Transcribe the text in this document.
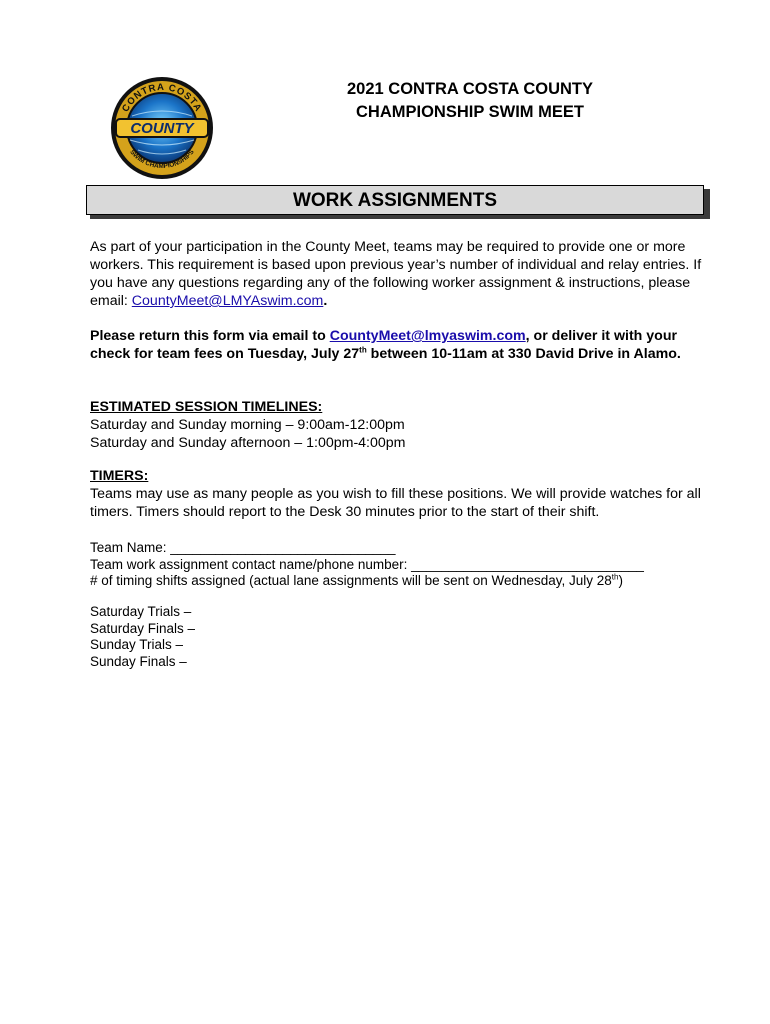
CONTRA COSTA
COUNTY
SWIM CHAMPIONSHIPS
2021 CONTRA COSTA COUNTY
CHAMPIONSHIP SWIM MEET
WORK ASSIGNMENTS
As part of your participation in the County Meet, teams may be required to provide one or more workers. This requirement is based upon previous year’s number of individual and relay entries. If you have any questions regarding any of the following worker assignment & instructions, please email: CountyMeet@LMYAswim.com.
Please return this form via email to CountyMeet@lmyaswim.com, or deliver it with your check for team fees on Tuesday, July 27th between 10-11am at 330 David Drive in Alamo.
ESTIMATED SESSION TIMELINES:
Saturday and Sunday morning – 9:00am-12:00pm
Saturday and Sunday afternoon – 1:00pm-4:00pm
TIMERS:
Teams may use as many people as you wish to fill these positions. We will provide watches for all timers. Timers should report to the Desk 30 minutes prior to the start of their shift.
Team Name: ______________________________
Team work assignment contact name/phone number: _______________________________
# of timing shifts assigned (actual lane assignments will be sent on Wednesday, July 28th)
Saturday Trials –
Saturday Finals –
Sunday Trials –
Sunday Finals –
